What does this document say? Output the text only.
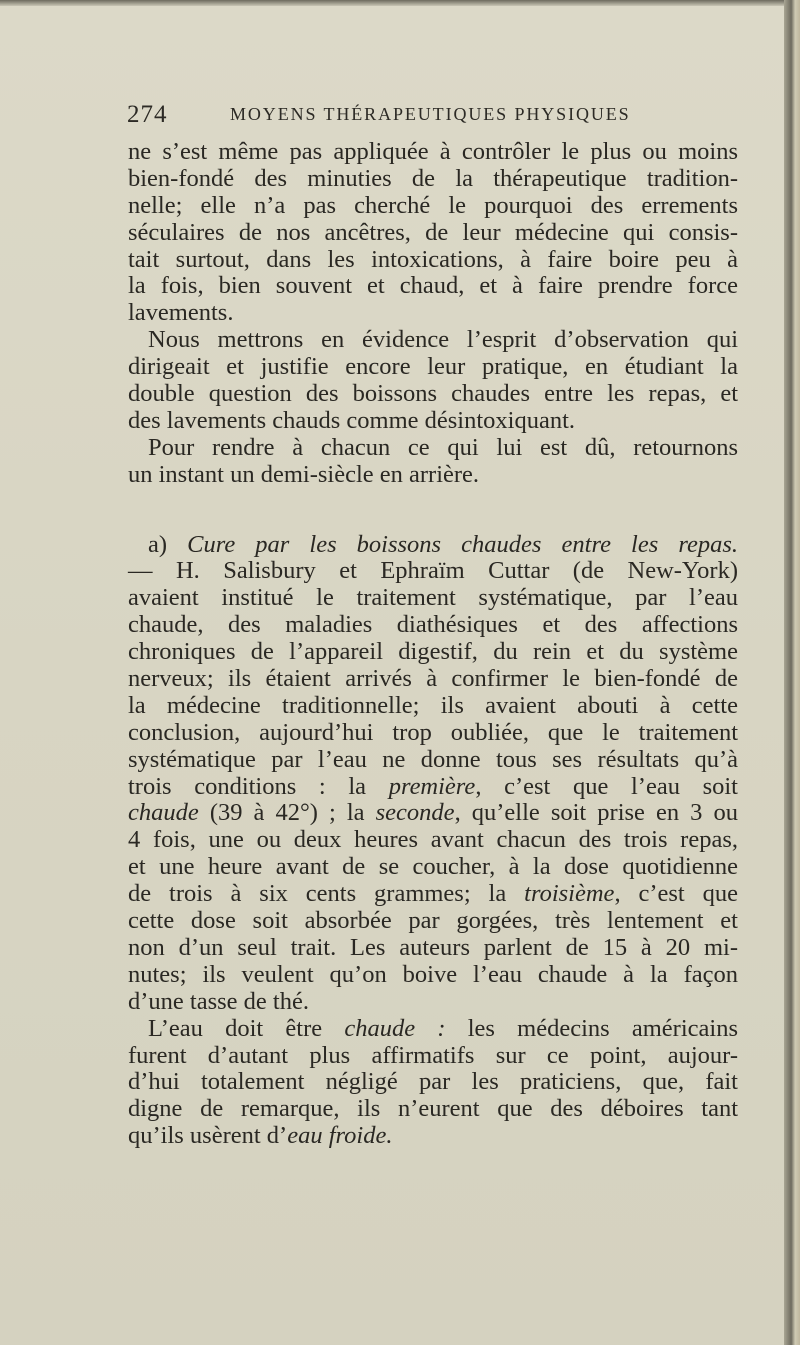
274	MOYENS THÉRAPEUTIQUES PHYSIQUES
ne s’est même pas appliquée à contrôler le plus ou moins
bien-fondé des minuties de la thérapeutique tradition-
nelle; elle n’a pas cherché le pourquoi des errements
séculaires de nos ancêtres, de leur médecine qui consis-
tait surtout, dans les intoxications, à faire boire peu à
la fois, bien souvent et chaud, et à faire prendre force
lavements.
Nous mettrons en évidence l’esprit d’observation qui
dirigeait et justifie encore leur pratique, en étudiant la
double question des boissons chaudes entre les repas, et
des lavements chauds comme désintoxiquant.
Pour rendre à chacun ce qui lui est dû, retournons
un instant un demi-siècle en arrière.
a) Cure par les boissons chaudes entre les repas.
— H. Salisbury et Ephraïm Cuttar (de New-York)
avaient institué le traitement systématique, par l’eau
chaude, des maladies diathésiques et des affections
chroniques de l’appareil digestif, du rein et du système
nerveux; ils étaient arrivés à confirmer le bien-fondé de
la médecine traditionnelle; ils avaient abouti à cette
conclusion, aujourd’hui trop oubliée, que le traitement
systématique par l’eau ne donne tous ses résultats qu’à
trois conditions : la première, c’est que l’eau soit
chaude (39 à 42°) ; la seconde, qu’elle soit prise en 3 ou
4 fois, une ou deux heures avant chacun des trois repas,
et une heure avant de se coucher, à la dose quotidienne
de trois à six cents grammes; la troisième, c’est que
cette dose soit absorbée par gorgées, très lentement et
non d’un seul trait. Les auteurs parlent de 15 à 20 mi-
nutes; ils veulent qu’on boive l’eau chaude à la façon
d’une tasse de thé.
L’eau doit être chaude : les médecins américains
furent d’autant plus affirmatifs sur ce point, aujour-
d’hui totalement négligé par les praticiens, que, fait
digne de remarque, ils n’eurent que des déboires tant
qu’ils usèrent d’eau froide.
